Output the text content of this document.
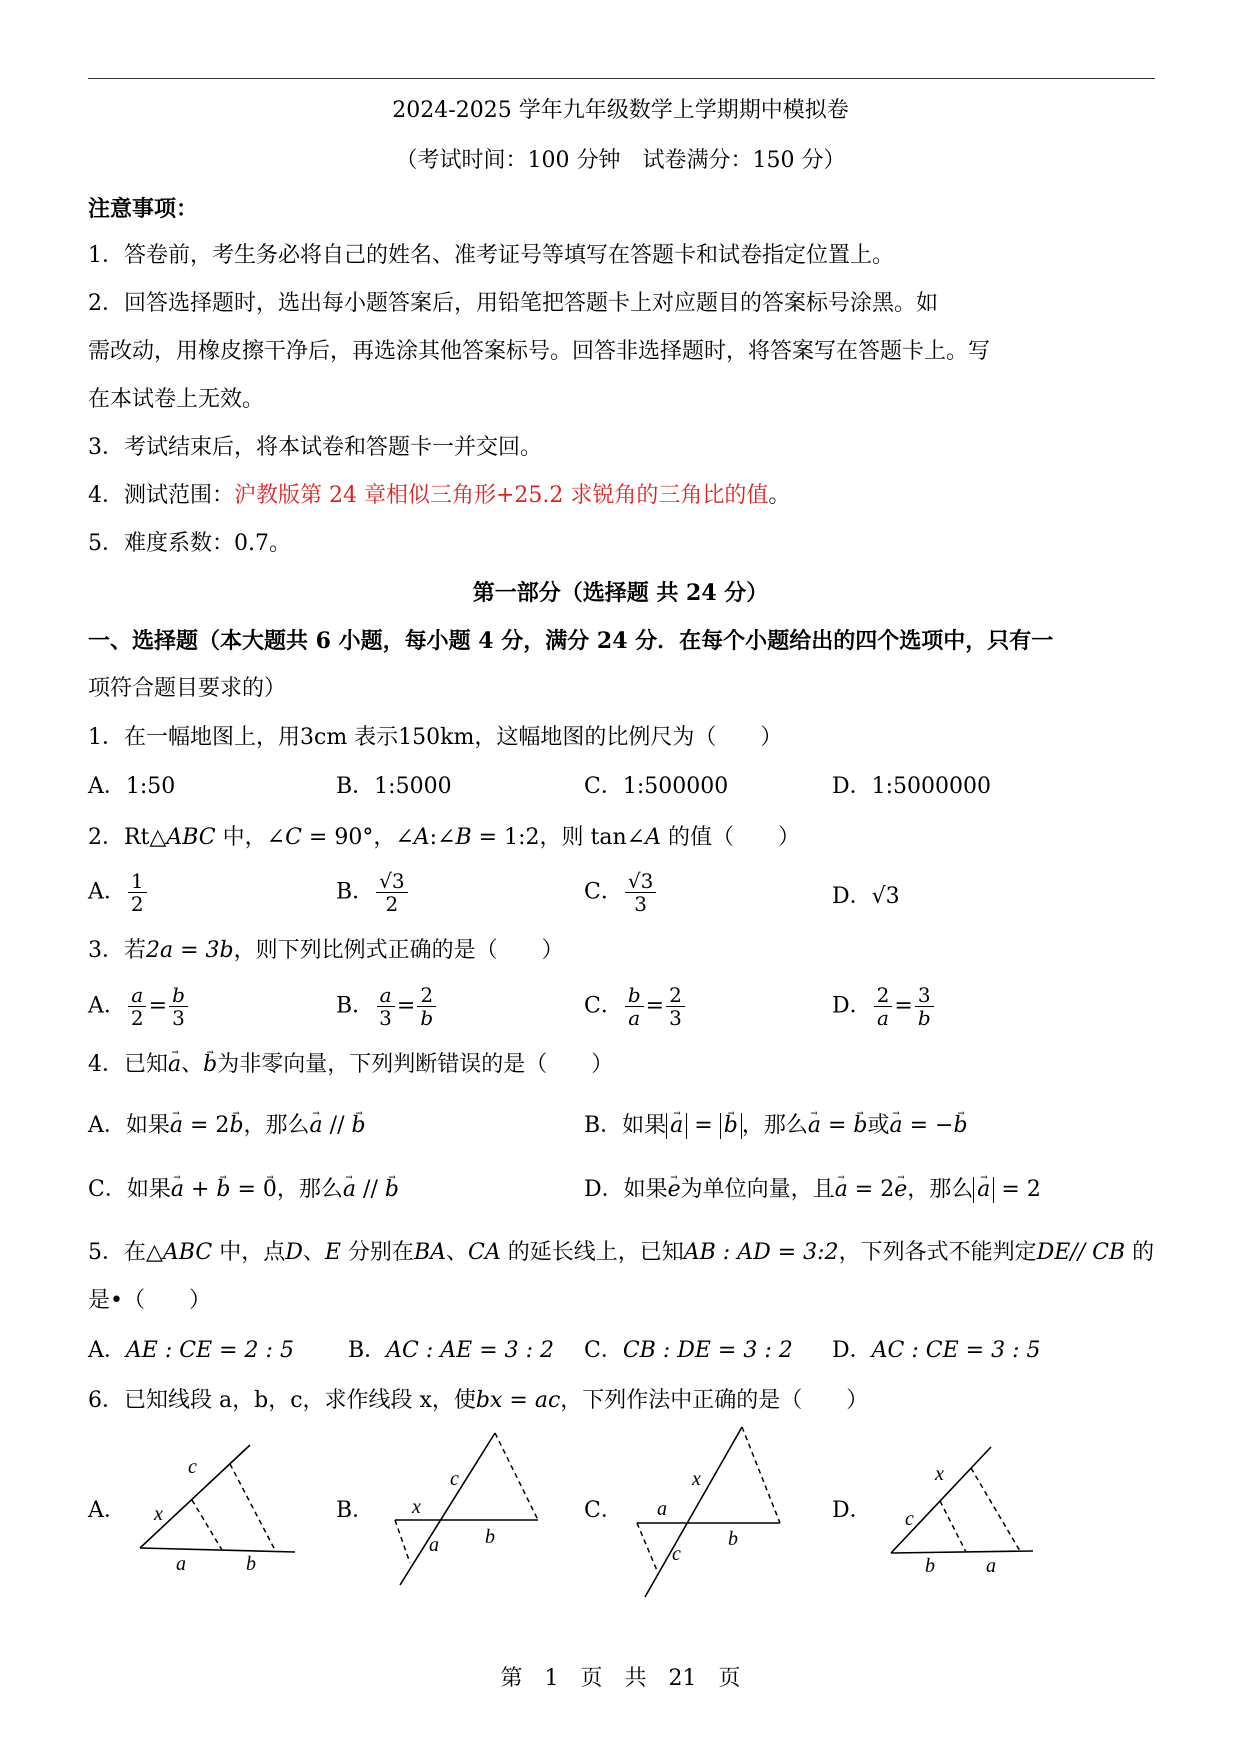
2024-2025 学年九年级数学上学期期中模拟卷
（考试时间：100 分钟　试卷满分：150 分）
注意事项：
1．答卷前，考生务必将自己的姓名、准考证号等填写在答题卡和试卷指定位置上。
2．回答选择题时，选出每小题答案后，用铅笔把答题卡上对应题目的答案标号涂黑。如
需改动，用橡皮擦干净后，再选涂其他答案标号。回答非选择题时，将答案写在答题卡上。写
在本试卷上无效。
3．考试结束后，将本试卷和答题卡一并交回。
4．测试范围：沪教版第 24 章相似三角形+25.2 求锐角的三角比的值。
5．难度系数：0.7。
第一部分（选择题 共 24 分）
一、选择题（本大题共 6 小题，每小题 4 分，满分 24 分．在每个小题给出的四个选项中，只有一
项符合题目要求的）
1．在一幅地图上，用3cm 表示150km，这幅地图的比例尺为（　　）
A．1:50	B．1:5000	C．1:500000	D．1:5000000
2．Rt△ABC 中，∠C = 90°，∠A:∠B = 1:2，则 tan∠A 的值（　　）
A． $\frac{1}{2}$	B． $\frac{√3}{2}$	C． $\frac{√3}{3}$	D．√3
3．若2a = 3b，则下列比例式正确的是（　　）
A． $\frac{a}{2} = \frac{b}{3}$	B． $\frac{a}{3} = \frac{2}{b}$	C． $\frac{b}{a} = \frac{2}{3}$	D． $\frac{2}{a} = \frac{3}{b}$
4．已知→ a、→ b为非零向量，下列判断错误的是（　　）
A．如果→ a = 2→ b，那么→ a // → b	B．如果 → a = → b ，那么→ a = → b或→ a = −→ b
C．如果→ a + → b = → 0，那么→ a // → b	D．如果→ e为单位向量，且→ a = 2→ e，那么 → a = 2
5．在△ABC 中，点D、E 分别在BA、CA 的延长线上，已知AB : AD = 3:2，下列各式不能判定DE// CB 的
是•（　　）
A．AE : CE = 2 : 5 B．AC : AE = 3 : 2 C．CB : DE = 3 : 2 D．AC : CE = 3 : 5
6．已知线段 a，b，c，求作线段 x，使bx = ac，下列作法中正确的是（　　）
A．	B．	C．	D．
c
x
a	b
c
x
a b
x
a
c
b
x
c
b	a
第　1　页　共　21　页
